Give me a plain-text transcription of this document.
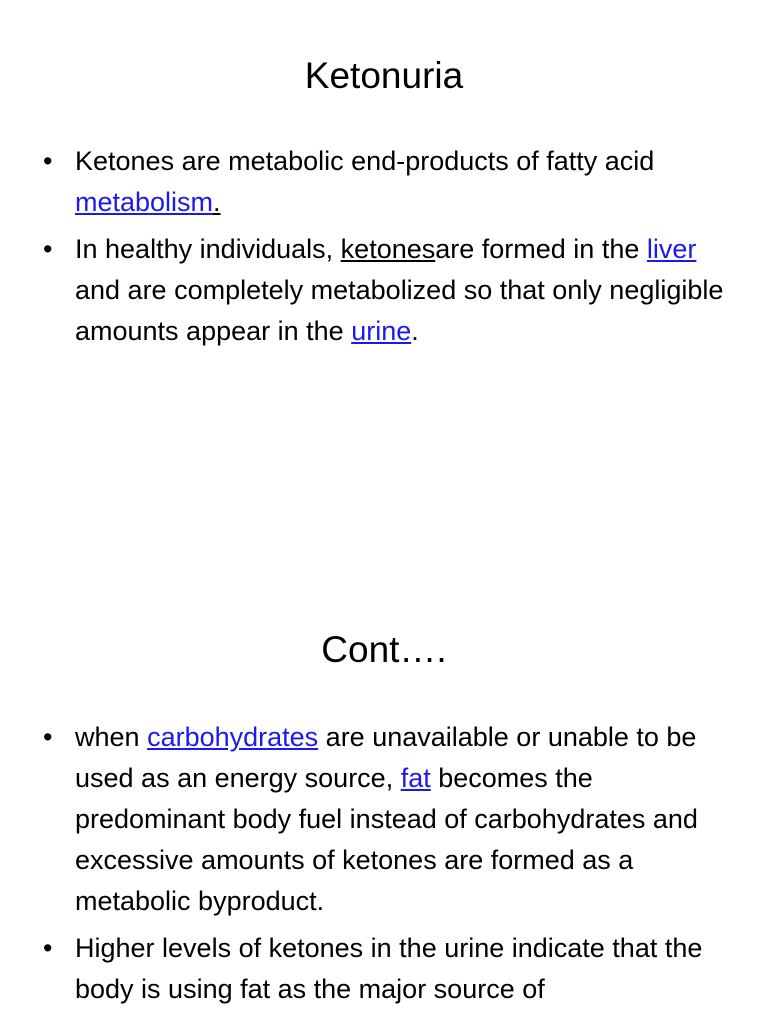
Ketonuria
• Ketones are metabolic end-products of fatty acid metabolism.
• In healthy individuals, ketonesare formed in the liver and are completely metabolized so that only negligible amounts appear in the urine.
Cont….
• when carbohydrates are unavailable or unable to be used as an energy source, fat becomes the predominant body fuel instead of carbohydrates and excessive amounts of ketones are formed as a metabolic byproduct.
• Higher levels of ketones in the urine indicate that the body is using fat as the major source of
